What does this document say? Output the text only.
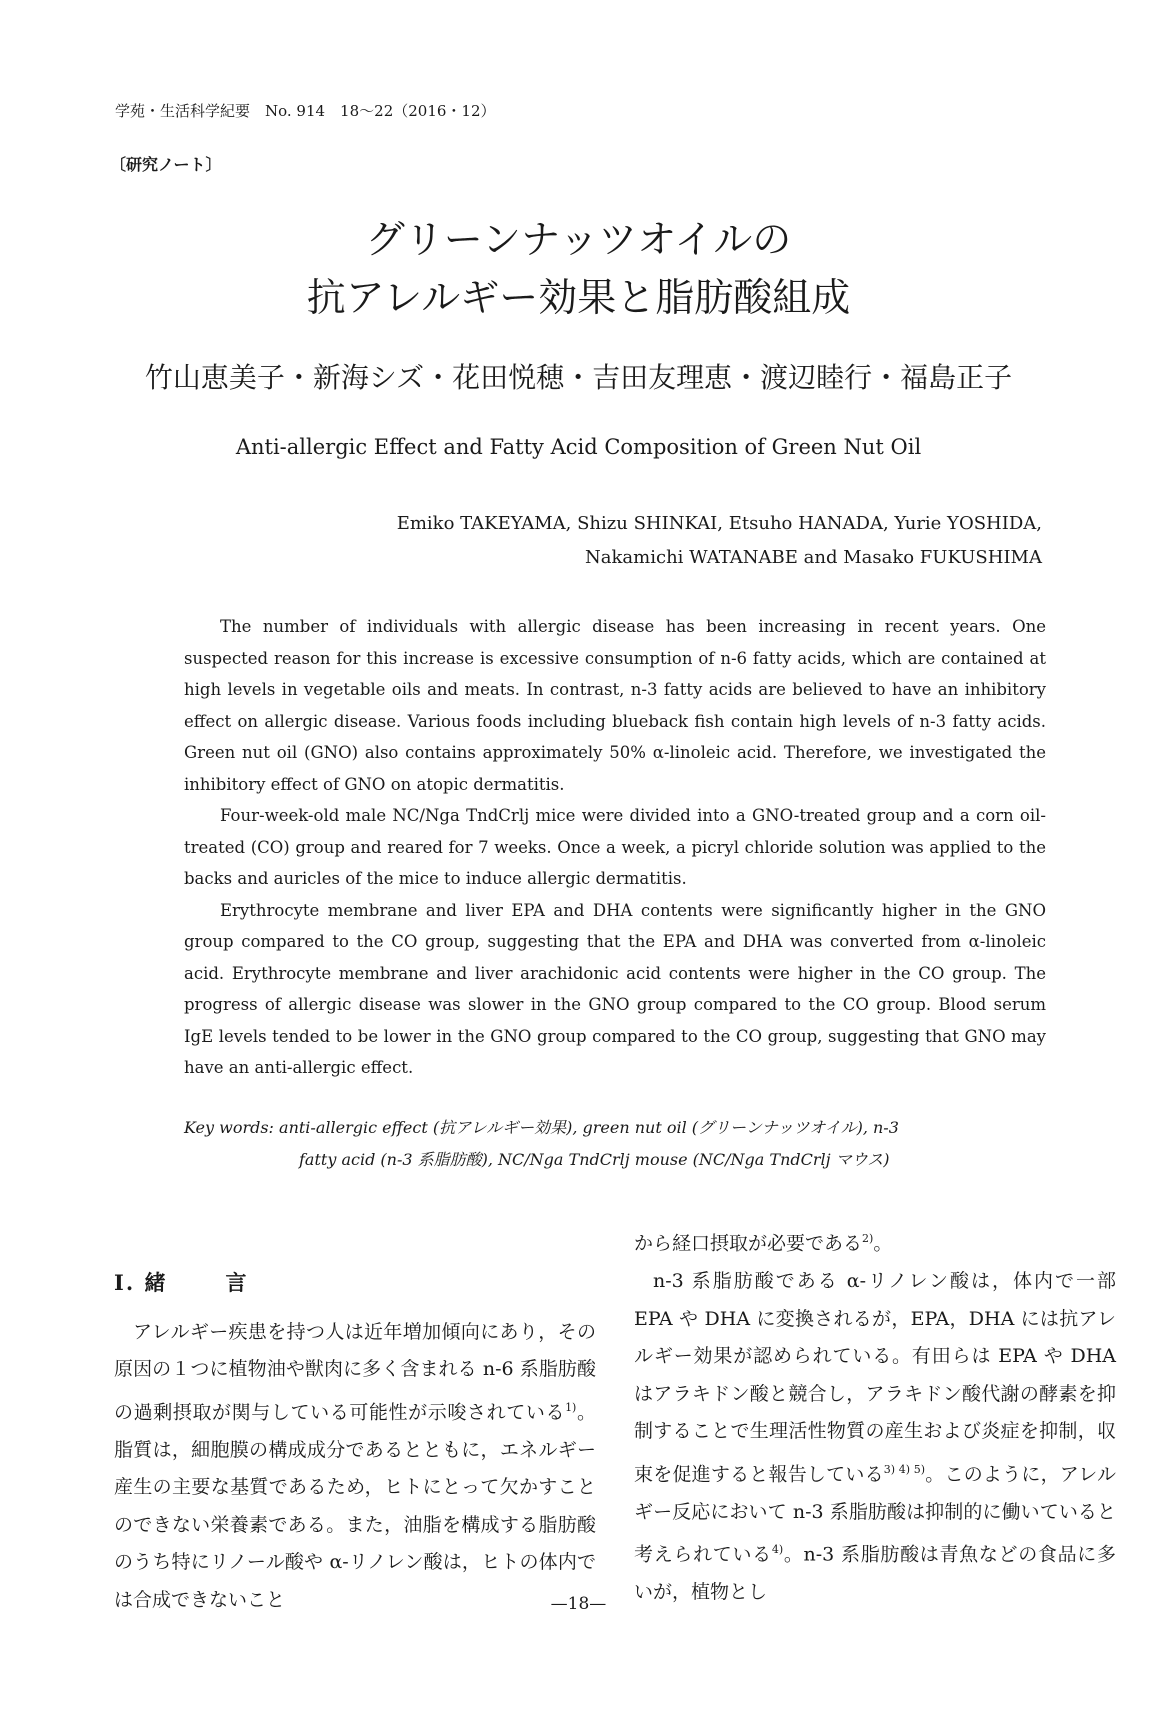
学苑・生活科学紀要　No. 914　18〜22（2016・12）
〔研究ノート〕
グリーンナッツオイルの
抗アレルギー効果と脂肪酸組成
竹山恵美子・新海シズ・花田悦穂・吉田友理恵・渡辺睦行・福島正子
Anti-allergic Effect and Fatty Acid Composition of Green Nut Oil
Emiko TAKEYAMA, Shizu SHINKAI, Etsuho HANADA, Yurie YOSHIDA,
Nakamichi WATANABE and Masako FUKUSHIMA

The number of individuals with allergic disease has been increasing in recent years. One suspected reason for this increase is excessive consumption of n-6 fatty acids, which are contained at high levels in vegetable oils and meats. In contrast, n-3 fatty acids are believed to have an inhibitory effect on allergic disease. Various foods including blueback fish contain high levels of n-3 fatty acids. Green nut oil (GNO) also contains approximately 50% α-linoleic acid. Therefore, we investigated the inhibitory effect of GNO on atopic dermatitis.

Four-week-old male NC/Nga TndCrlj mice were divided into a GNO-treated group and a corn oil-treated (CO) group and reared for 7 weeks. Once a week, a picryl chloride solution was applied to the backs and auricles of the mice to induce allergic dermatitis.

Erythrocyte membrane and liver EPA and DHA contents were significantly higher in the GNO group compared to the CO group, suggesting that the EPA and DHA was converted from α-linoleic acid. Erythrocyte membrane and liver arachidonic acid contents were higher in the CO group. The progress of allergic disease was slower in the GNO group compared to the CO group. Blood serum IgE levels tended to be lower in the GNO group compared to the CO group, suggesting that GNO may have an anti-allergic effect.

Key words: anti-allergic effect (抗アレルギー効果), green nut oil (グリーンナッツオイル), n-3
fatty acid (n-3 系脂肪酸), NC/Nga TndCrlj mouse (NC/Nga TndCrlj マウス)
I. 緒	言

アレルギー疾患を持つ人は近年増加傾向にあり，その原因の１つに植物油や獣肉に多く含まれる n-6 系脂肪酸の過剰摂取が関与している可能性が示唆されている$^{1)}$。脂質は，細胞膜の構成成分であるとともに，エネルギー産生の主要な基質であるため，ヒトにとって欠かすことのできない栄養素である。また，油脂を構成する脂肪酸のうち特にリノール酸や α-リノレン酸は，ヒトの体内では合成できないこと

から経口摂取が必要である$^{2)}$。

n-3 系脂肪酸である α-リノレン酸は，体内で一部 EPA や DHA に変換されるが，EPA，DHA には抗アレルギー効果が認められている。有田らは EPA や DHA はアラキドン酸と競合し，アラキドン酸代謝の酵素を抑制することで生理活性物質の産生および炎症を抑制，収束を促進すると報告している$^{3) 4) 5)}$。このように，アレルギー反応において n-3 系脂肪酸は抑制的に働いていると考えられている$^{4)}$。n-3 系脂肪酸は青魚などの食品に多いが，植物とし

—18—
